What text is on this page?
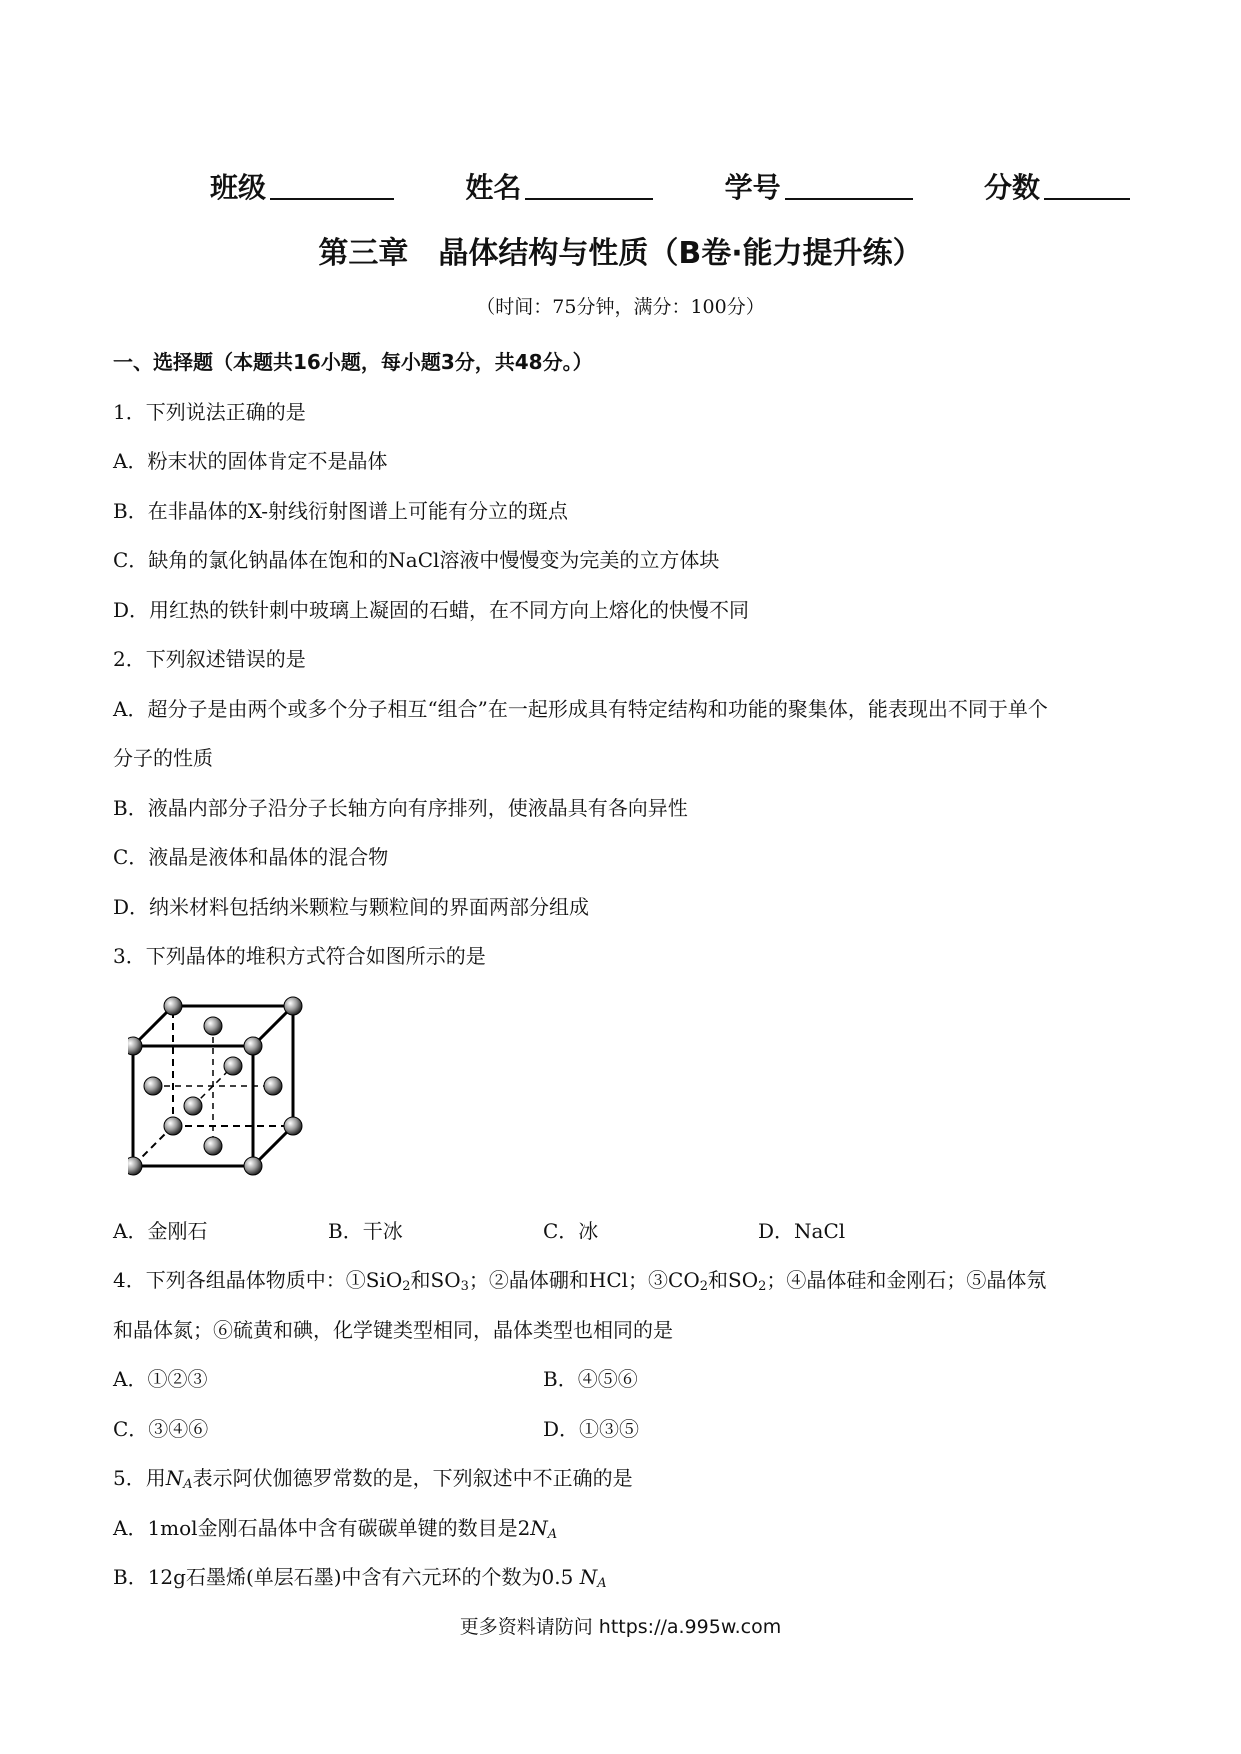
班级	姓名	学号	分数
第三章　晶体结构与性质（B卷·能力提升练）
（时间：75分钟，满分：100分）
一、选择题（本题共16小题，每小题3分，共48分。）
1．下列说法正确的是
A．粉末状的固体肯定不是晶体
B．在非晶体的X-射线衍射图谱上可能有分立的斑点
C．缺角的氯化钠晶体在饱和的NaCl溶液中慢慢变为完美的立方体块
D．用红热的铁针刺中玻璃上凝固的石蜡，在不同方向上熔化的快慢不同
2．下列叙述错误的是
A．超分子是由两个或多个分子相互“组合”在一起形成具有特定结构和功能的聚集体，能表现出不同于单个
分子的性质
B．液晶内部分子沿分子长轴方向有序排列，使液晶具有各向异性
C．液晶是液体和晶体的混合物
D．纳米材料包括纳米颗粒与颗粒间的界面两部分组成
3．下列晶体的堆积方式符合如图所示的是
A．金刚石	B．干冰	C．冰	D．NaCl
4．下列各组晶体物质中：①SiO$_2$和$SO_3$；②晶体硼和HCl；$③CO_2$和$SO_2$；④晶体硅和金刚石；⑤晶体氖
和晶体氮；⑥硫黄和碘，化学键类型相同，晶体类型也相同的是
A．①②③	B．④⑤⑥
C．③④⑥	D．①③⑤
5．用$N_A$表示阿伏伽德罗常数的是，下列叙述中不正确的是
A．1mol金刚石晶体中含有碳碳单键的数目是$2N_A$
B．12g石墨烯(单层石墨)中含有六元环的个数为0.5 $N_A$
更多资料请防问 https://a.995w.com
